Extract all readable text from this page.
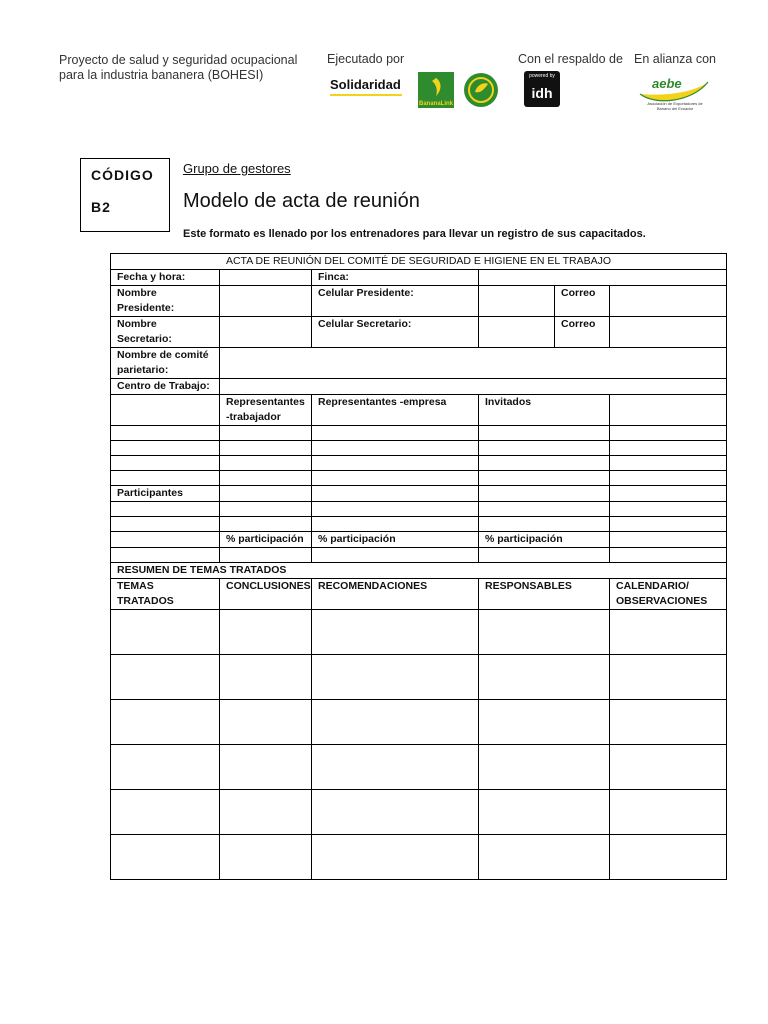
Proyecto de salud y seguridad ocupacional para la industria bananera (BOHESI)
Ejecutado por	Con el respaldo de En alianza con
Solidaridad
BananaLink
powered by
idh
aebe
Asociación de Exportadores de Banano del Ecuador
CÓDIGO
B2
Grupo de gestores
Modelo de acta de reunión
Este formato es llenado por los entrenadores para llevar un registro de sus capacitados.
ACTA DE REUNIÓN DEL COMITÉ DE SEGURIDAD E HIGIENE EN EL TRABAJO					
Fecha y hora:		Finca:			
Nombre Presidente:		Celular Presidente:		Correo	
Nombre Secretario:		Celular Secretario:		Correo	
Nombre de comité parietario:					
Centro de Trabajo:					
	Representantes -trabajador	Representantes -empresa	Invitados		

Participantes					

	% participación	% participación	% participación		

RESUMEN DE TEMAS TRATADOS					
TEMAS TRATADOS	CONCLUSIONES	RECOMENDACIONES	RESPONSABLES		CALENDARIO/ OBSERVACIONES
